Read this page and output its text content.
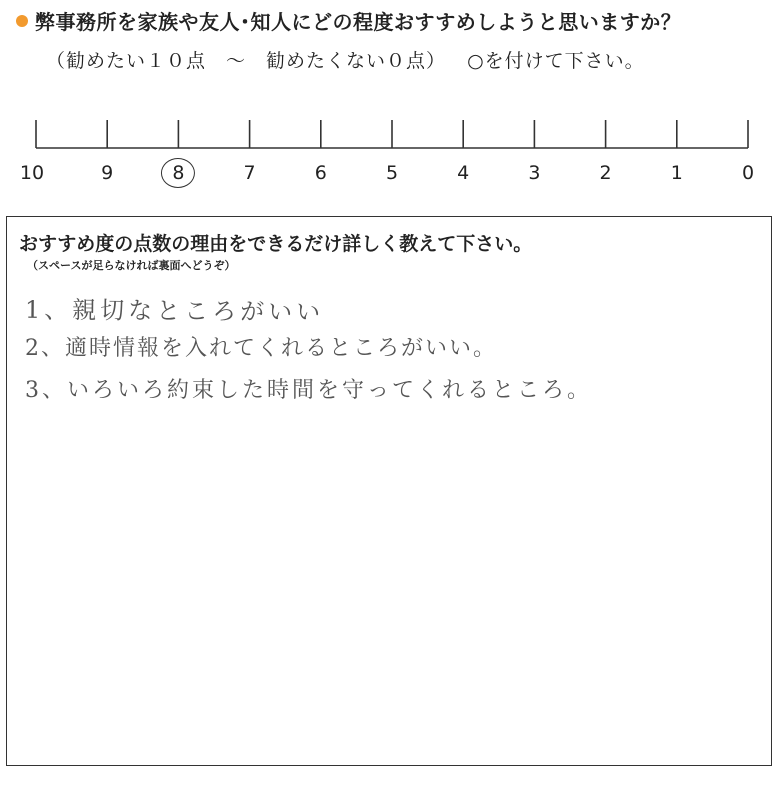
弊事務所を家族や友人･知人にどの程度おすすめしようと思いますか？
（勧めたい１０点　～　勧めたくない０点） ○を付けて下さい。
10	9	8	7	6	5	4	3	2	1	0
おすすめ度の点数の理由をできるだけ詳しく教えて下さい。
（スペースが足らなければ裏面へどうぞ）
1、親切なところがいい
2、適時情報を入れてくれるところがいい。
3、いろいろ約束した時間を守ってくれるところ。
